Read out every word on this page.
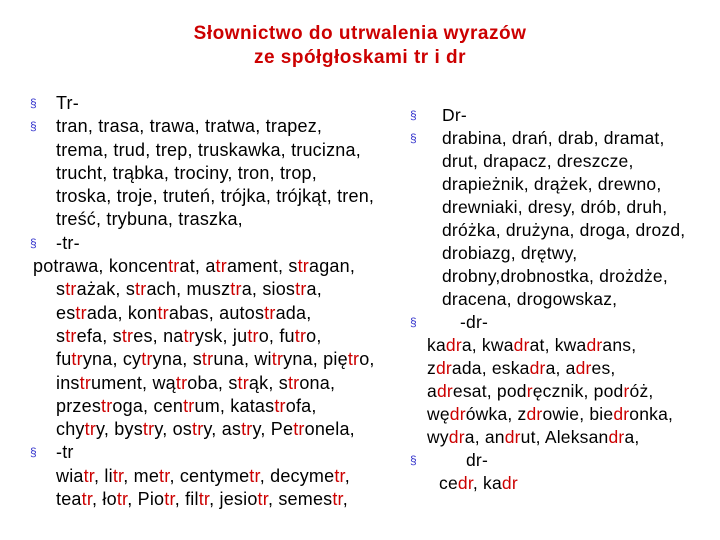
Słownictwo do utrwalenia wyrazów
ze spółgłoskami tr i dr
§ Tr-
§ tran, trasa, trawa, tratwa, trapez,
trema, trud, trep, truskawka, trucizna,
trucht, trąbka, trociny, tron, trop,
troska, troje, truteń, trójka, trójkąt, tren,
treść, trybuna, traszka,
§ -tr-
potrawa, koncentrat, atrament, stragan,
strażak, strach, musztra, siostra,
estrada, kontrabas, autostrada,
strefa, stres, natrysk, jutro, futro,
futryna, cytryna, struna, witryna, piętro,
instrument, wątroba, strąk, strona,
przestroga, centrum, katastrofa,
chytry, bystry, ostry, astry, Petronela,
§ -tr
wiatr, litr, metr, centymetr, decymetr,
teatr, łotr, Piotr, filtr, jesiotr, semestr,
§ Dr-
§ drabina, drań, drab, dramat,
drut, drapacz, dreszcze,
drapieżnik, drążek, drewno,
drewniaki, dresy, drób, druh,
dróżka, drużyna, droga, drozd,
drobiazg, drętwy,
drobny,drobnostka, drożdże,
dracena, drogowskaz,
§ -dr-
kadra, kwadrat, kwadrans,
zdrada, eskadra, adres,
adresat, podręcznik, podróż,
wędrówka, zdrowie, biedronka,
wydra, andrut, Aleksandra,
§	dr-
cedr, kadr
